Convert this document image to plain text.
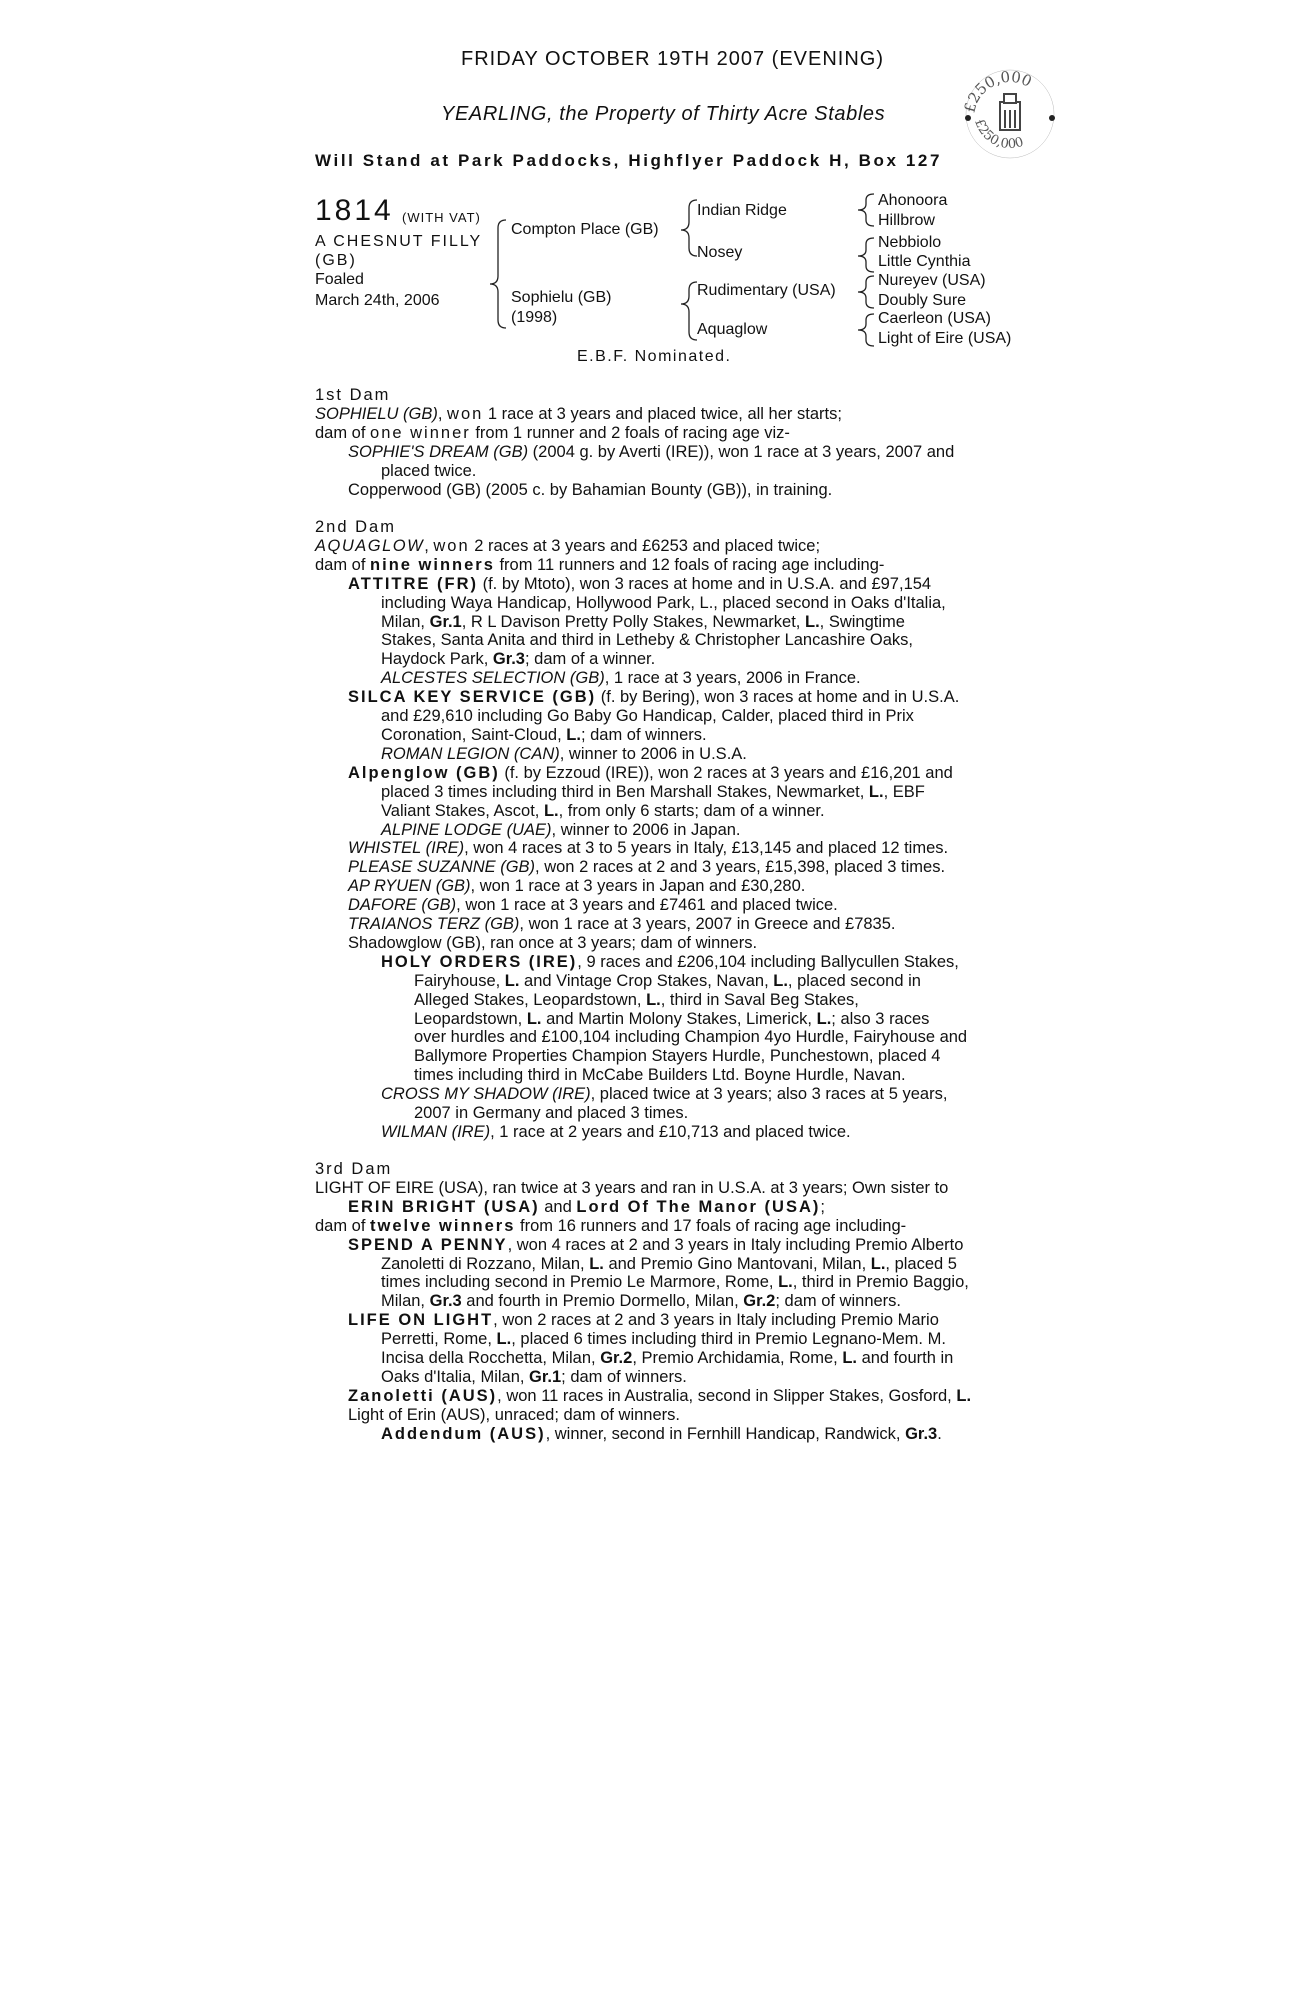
FRIDAY OCTOBER 19TH 2007 (EVENING)
YEARLING, the Property of Thirty Acre Stables
Will Stand at Park Paddocks, Highflyer Paddock H, Box 127
£250,000
£250,000
1814 (WITH VAT)
A CHESNUT FILLY
(GB)
Foaled
March 24th, 2006
Compton Place (GB)
Sophielu (GB)
(1998)
Indian Ridge
Nosey
Rudimentary (USA)
Aquaglow
Ahonoora
Hillbrow
Nebbiolo
Little Cynthia
Nureyev (USA)
Doubly Sure
Caerleon (USA)
Light of Eire (USA)
E.B.F. Nominated.
1st Dam
SOPHIELU (GB), won 1 race at 3 years and placed twice, all her starts;
dam of one winner from 1 runner and 2 foals of racing age viz-
SOPHIE'S DREAM (GB) (2004 g. by Averti (IRE)), won 1 race at 3 years, 2007 and
placed twice.
Copperwood (GB) (2005 c. by Bahamian Bounty (GB)), in training.
2nd Dam
AQUAGLOW, won 2 races at 3 years and £6253 and placed twice;
dam of nine winners from 11 runners and 12 foals of racing age including-
ATTITRE (FR) (f. by Mtoto), won 3 races at home and in U.S.A. and £97,154
including Waya Handicap, Hollywood Park, L., placed second in Oaks d'Italia,
Milan, Gr.1, R L Davison Pretty Polly Stakes, Newmarket, L., Swingtime
Stakes, Santa Anita and third in Letheby & Christopher Lancashire Oaks,
Haydock Park, Gr.3; dam of a winner.
ALCESTES SELECTION (GB), 1 race at 3 years, 2006 in France.
SILCA KEY SERVICE (GB) (f. by Bering), won 3 races at home and in U.S.A.
and £29,610 including Go Baby Go Handicap, Calder, placed third in Prix
Coronation, Saint-Cloud, L.; dam of winners.
ROMAN LEGION (CAN), winner to 2006 in U.S.A.
Alpenglow (GB) (f. by Ezzoud (IRE)), won 2 races at 3 years and £16,201 and
placed 3 times including third in Ben Marshall Stakes, Newmarket, L., EBF
Valiant Stakes, Ascot, L., from only 6 starts; dam of a winner.
ALPINE LODGE (UAE), winner to 2006 in Japan.
WHISTEL (IRE), won 4 races at 3 to 5 years in Italy, £13,145 and placed 12 times.
PLEASE SUZANNE (GB), won 2 races at 2 and 3 years, £15,398, placed 3 times.
AP RYUEN (GB), won 1 race at 3 years in Japan and £30,280.
DAFORE (GB), won 1 race at 3 years and £7461 and placed twice.
TRAIANOS TERZ (GB), won 1 race at 3 years, 2007 in Greece and £7835.
Shadowglow (GB), ran once at 3 years; dam of winners.
HOLY ORDERS (IRE), 9 races and £206,104 including Ballycullen Stakes,
Fairyhouse, L. and Vintage Crop Stakes, Navan, L., placed second in
Alleged Stakes, Leopardstown, L., third in Saval Beg Stakes,
Leopardstown, L. and Martin Molony Stakes, Limerick, L.; also 3 races
over hurdles and £100,104 including Champion 4yo Hurdle, Fairyhouse and
Ballymore Properties Champion Stayers Hurdle, Punchestown, placed 4
times including third in McCabe Builders Ltd. Boyne Hurdle, Navan.
CROSS MY SHADOW (IRE), placed twice at 3 years; also 3 races at 5 years,
2007 in Germany and placed 3 times.
WILMAN (IRE), 1 race at 2 years and £10,713 and placed twice.
3rd Dam
LIGHT OF EIRE (USA), ran twice at 3 years and ran in U.S.A. at 3 years; Own sister to
ERIN BRIGHT (USA) and Lord Of The Manor (USA);
dam of twelve winners from 16 runners and 17 foals of racing age including-
SPEND A PENNY, won 4 races at 2 and 3 years in Italy including Premio Alberto
Zanoletti di Rozzano, Milan, L. and Premio Gino Mantovani, Milan, L., placed 5
times including second in Premio Le Marmore, Rome, L., third in Premio Baggio,
Milan, Gr.3 and fourth in Premio Dormello, Milan, Gr.2; dam of winners.
LIFE ON LIGHT, won 2 races at 2 and 3 years in Italy including Premio Mario
Perretti, Rome, L., placed 6 times including third in Premio Legnano-Mem. M.
Incisa della Rocchetta, Milan, Gr.2, Premio Archidamia, Rome, L. and fourth in
Oaks d'Italia, Milan, Gr.1; dam of winners.
Zanoletti (AUS), won 11 races in Australia, second in Slipper Stakes, Gosford, L.
Light of Erin (AUS), unraced; dam of winners.
Addendum (AUS), winner, second in Fernhill Handicap, Randwick, Gr.3.
